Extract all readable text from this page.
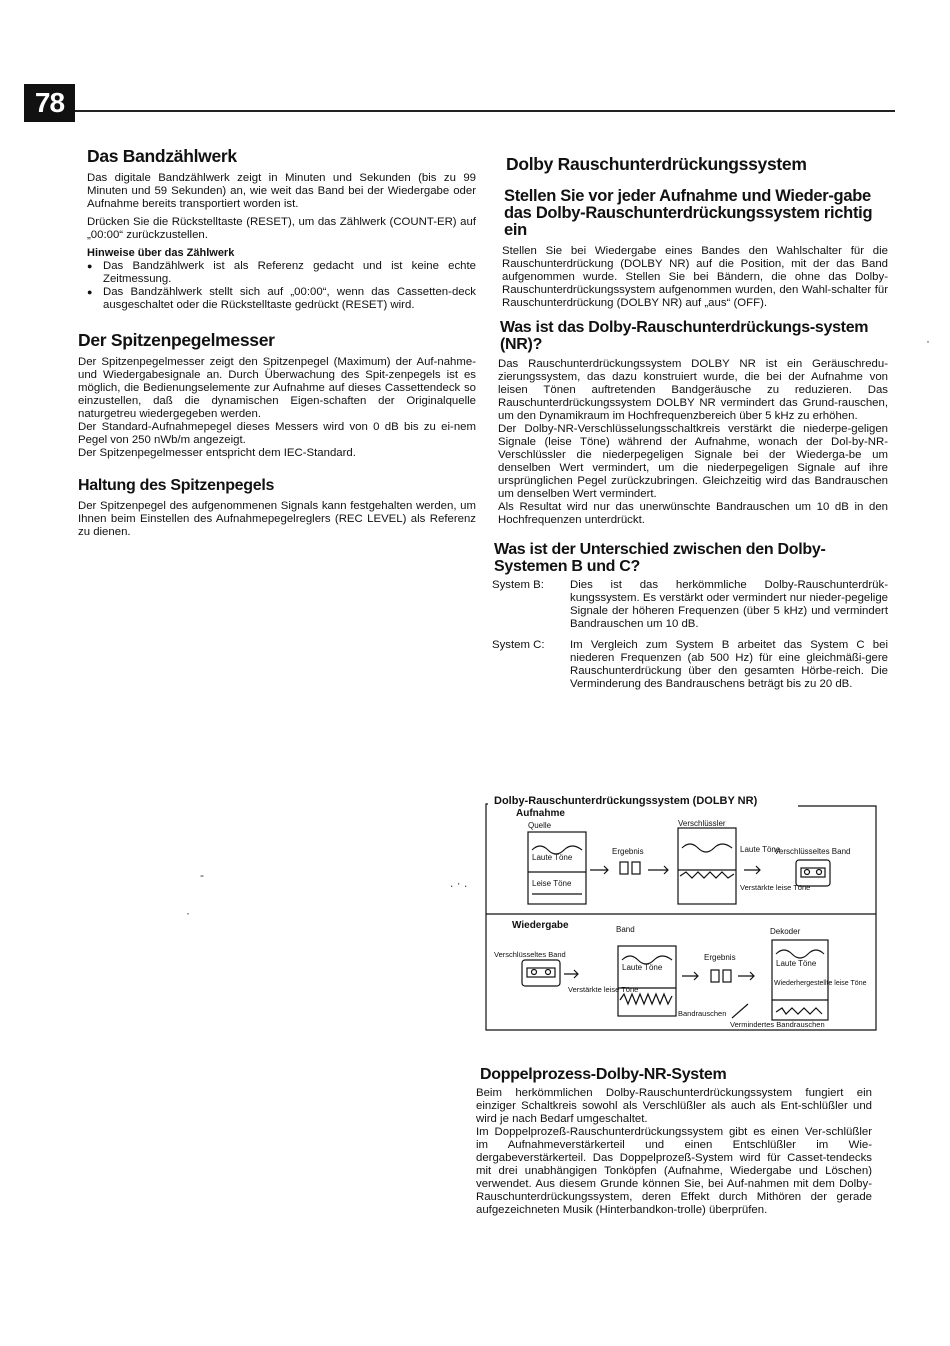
78
Das Bandzählwerk

Das digitale Bandzählwerk zeigt in Minuten und Sekunden (bis zu 99 Minuten und 59 Sekunden) an, wie weit das Band bei der Wiedergabe oder Aufnahme bereits transportiert worden ist.

Drücken Sie die Rückstelltaste (RESET), um das Zählwerk (COUNT-ER) auf „00:00“ zurückzustellen.

Hinweise über das Zählwerk
● Das Bandzählwerk ist als Referenz gedacht und ist keine echte Zeitmessung.
● Das Bandzählwerk stellt sich auf „00:00“, wenn das Cassetten-deck ausgeschaltet oder die Rückstelltaste gedrückt (RESET) wird.
Der Spitzenpegelmesser

Der Spitzenpegelmesser zeigt den Spitzenpegel (Maximum) der Auf-nahme- und Wiedergabesignale an. Durch Überwachung des Spit-zenpegels ist es möglich, die Bedienungselemente zur Aufnahme auf dieses Cassettendeck so einzustellen, daß die dynamischen Eigen-schaften der Originalquelle naturgetreu wiedergegeben werden.

Der Standard-Aufnahmepegel dieses Messers wird von 0 dB bis zu ei-nem Pegel von 250 nWb/m angezeigt.

Der Spitzenpegelmesser entspricht dem IEC-Standard.

Haltung des Spitzenpegels

Der Spitzenpegel des aufgenommenen Signals kann festgehalten werden, um Ihnen beim Einstellen des Aufnahmepegelreglers (REC LEVEL) als Referenz zu dienen.

Dolby Rauschunterdrückungssystem
Stellen Sie vor jeder Aufnahme und Wieder-gabe das Dolby-Rauschunterdrückungssystem richtig ein

Stellen Sie bei Wiedergabe eines Bandes den Wahlschalter für die Rauschunterdrückung (DOLBY NR) auf die Position, mit der das Band aufgenommen wurde. Stellen Sie bei Bändern, die ohne das Dolby-Rauschunterdrückungssystem aufgenommen wurden, den Wahl-schalter für Rauschunterdrückung (DOLBY NR) auf „aus“ (OFF).

Was ist das Dolby-Rauschunterdrückungs-system (NR)?

Das Rauschunterdrückungssystem DOLBY NR ist ein Geräuschredu-zierungssystem, das dazu konstruiert wurde, die bei der Aufnahme von leisen Tönen auftretenden Bandgeräusche zu reduzieren. Das Rauschunterdrückungssystem DOLBY NR vermindert das Grund-rauschen, um den Dynamikraum im Hochfrequenzbereich über 5 kHz zu erhöhen.

Der Dolby-NR-Verschlüsselungsschaltkreis verstärkt die niederpe-geligen Signale (leise Töne) während der Aufnahme, wonach der Dol-by-NR-Verschlüssler die niederpegeligen Signale bei der Wiederga-be um denselben Wert vermindert, um die niederpegeligen Signale auf ihre ursprünglichen Pegel zurückzubringen. Gleichzeitig wird das Bandrauschen um denselben Wert vermindert.

Als Resultat wird nur das unerwünschte Bandrauschen um 10 dB in den Hochfrequenzen unterdrückt.

Was ist der Unterschied zwischen den Dolby-Systemen B und C?
System B:	Dies ist das herkömmliche Dolby-Rauschunterdrük-kungssystem. Es verstärkt oder vermindert nur nieder-pegelige Signale der höheren Frequenzen (über 5 kHz) und vermindert Bandrauschen um 10 dB.
System C:	Im Vergleich zum System B arbeitet das System C bei niederen Frequenzen (ab 500 Hz) für eine gleichmäßi-gere Rauschunterdrückung über den gesamten Hörbe-reich. Die Verminderung des Bandrauschens beträgt bis zu 20 dB.
Dolby-Rauschunterdrückungssystem (DOLBY NR)
Aufnahme
Quelle	Verschlüssler
Laute Töne
Leise Töne
Ergebnis	Laute Töne
Verschlüsseltes Band
Verstärkte leise Töne
Wiedergabe	Band	Dekoder
Verschlüsseltes Band
Laute Töne
Ergebnis
Laute Töne
Wiederhergestellte leise Töne
Verstärkte leise Töne
Bandrauschen
Vermindertes Bandrauschen
Doppelprozess-Dolby-NR-System

Beim herkömmlichen Dolby-Rauschunterdrückungssystem fungiert ein einziger Schaltkreis sowohl als Verschlüßler als auch als Ent-schlüßler und wird je nach Bedarf umgeschaltet.

Im Doppelprozeß-Rauschunterdrückungssystem gibt es einen Ver-schlüßler im Aufnahmeverstärkerteil und einen Entschlüßler im Wie-dergabeverstärkerteil. Das Doppelprozeß-System wird für Casset-tendecks mit drei unabhängigen Tonköpfen (Aufnahme, Wiedergabe und Löschen) verwendet. Aus diesem Grunde können Sie, bei Auf-nahmen mit dem Dolby-Rauschunterdrückungssystem, deren Effekt durch Mithören der gerade aufgezeichneten Musik (Hinterbandkon-trolle) überprüfen.

-
. · .
·
·
